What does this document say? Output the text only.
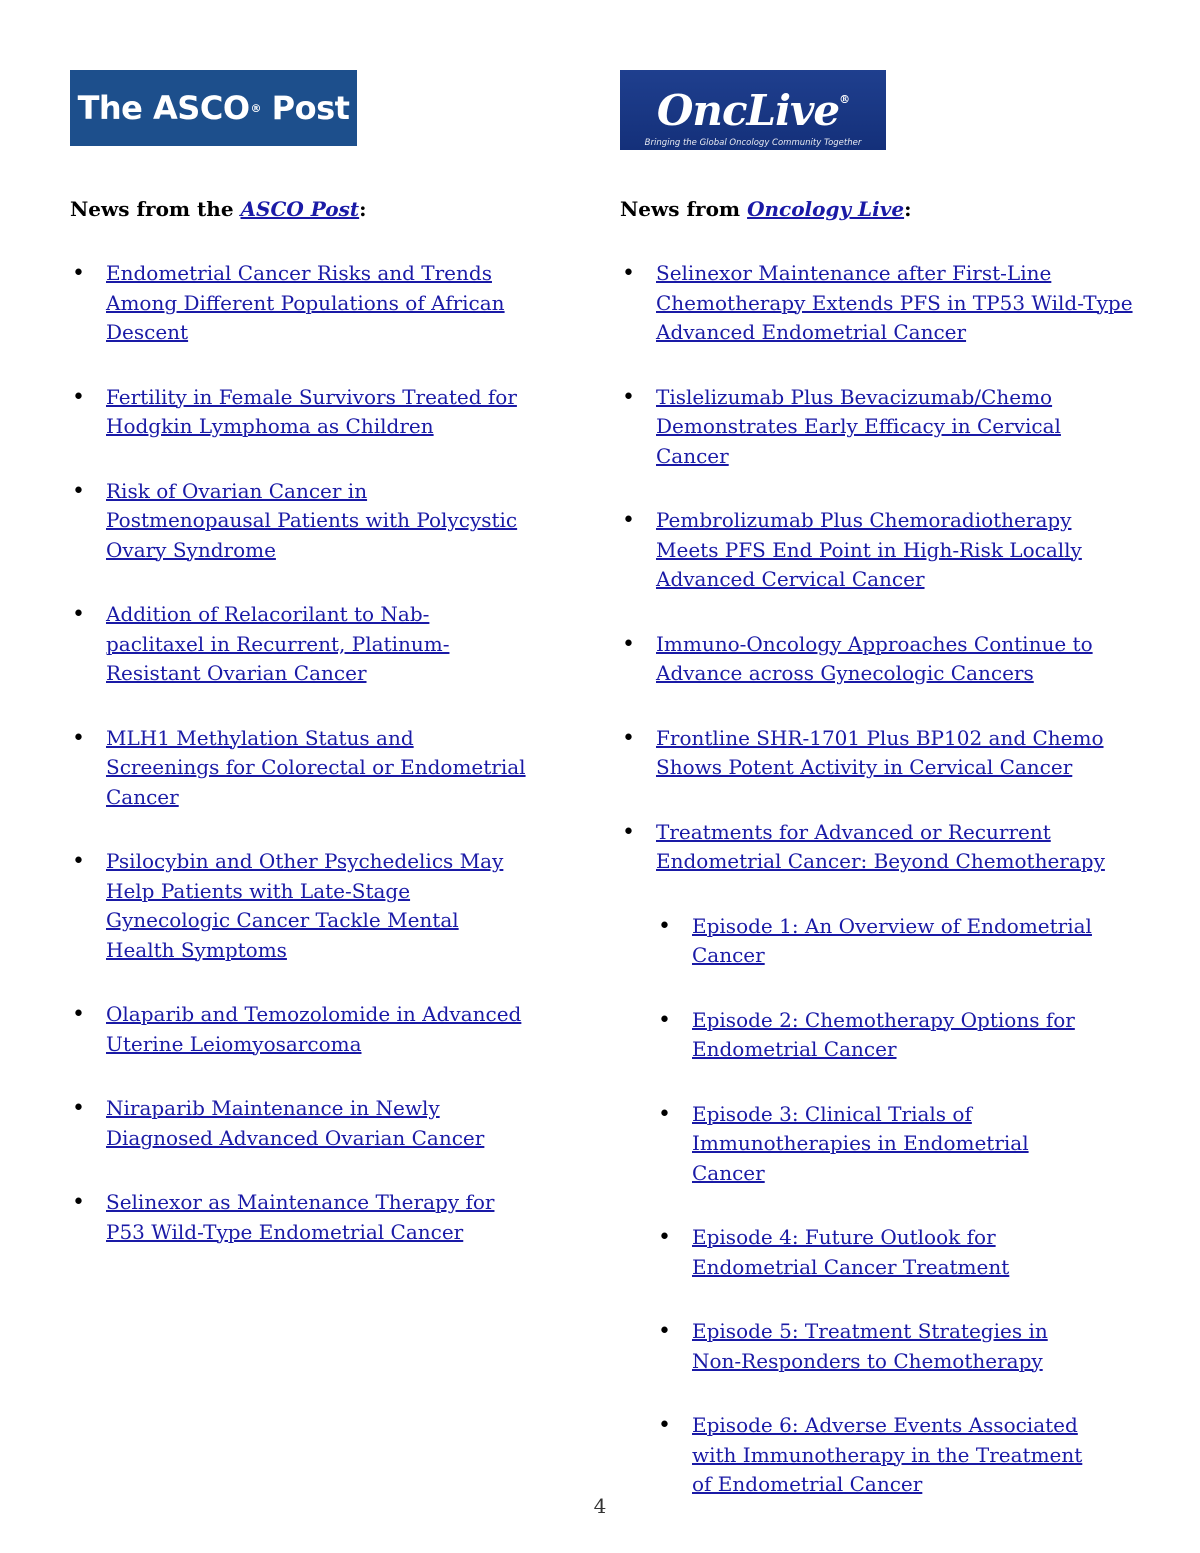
The ASCO ®
Post
News from the ASCO Post:
• Endometrial Cancer Risks and Trends Among Different Populations of African Descent
• Fertility in Female Survivors Treated for Hodgkin Lymphoma as Children
• Risk of Ovarian Cancer in Postmenopausal Patients with Polycystic Ovary Syndrome
• Addition of Relacorilant to Nab-paclitaxel in Recurrent, Platinum-Resistant Ovarian Cancer
• MLH1 Methylation Status and Screenings for Colorectal or Endometrial Cancer
• Psilocybin and Other Psychedelics May Help Patients with Late-Stage Gynecologic Cancer Tackle Mental Health Symptoms
• Olaparib and Temozolomide in Advanced Uterine Leiomyosarcoma
• Niraparib Maintenance in Newly Diagnosed Advanced Ovarian Cancer
• Selinexor as Maintenance Therapy for P53 Wild-Type Endometrial Cancer
OncLive®
Bringing the Global Oncology Community Together
News from Oncology Live:
• Selinexor Maintenance after First-Line Chemotherapy Extends PFS in TP53 Wild-Type Advanced Endometrial Cancer
• Tislelizumab Plus Bevacizumab/Chemo Demonstrates Early Efficacy in Cervical Cancer
• Pembrolizumab Plus Chemoradiotherapy Meets PFS End Point in High-Risk Locally Advanced Cervical Cancer
• Immuno-Oncology Approaches Continue to Advance across Gynecologic Cancers
• Frontline SHR-1701 Plus BP102 and Chemo Shows Potent Activity in Cervical Cancer
• Treatments for Advanced or Recurrent Endometrial Cancer: Beyond Chemotherapy
• Episode 1: An Overview of Endometrial Cancer
• Episode 2: Chemotherapy Options for Endometrial Cancer
• Episode 3: Clinical Trials of Immunotherapies in Endometrial Cancer
• Episode 4: Future Outlook for Endometrial Cancer Treatment
• Episode 5: Treatment Strategies in Non-Responders to Chemotherapy
• Episode 6: Adverse Events Associated with Immunotherapy in the Treatment of Endometrial Cancer
4
